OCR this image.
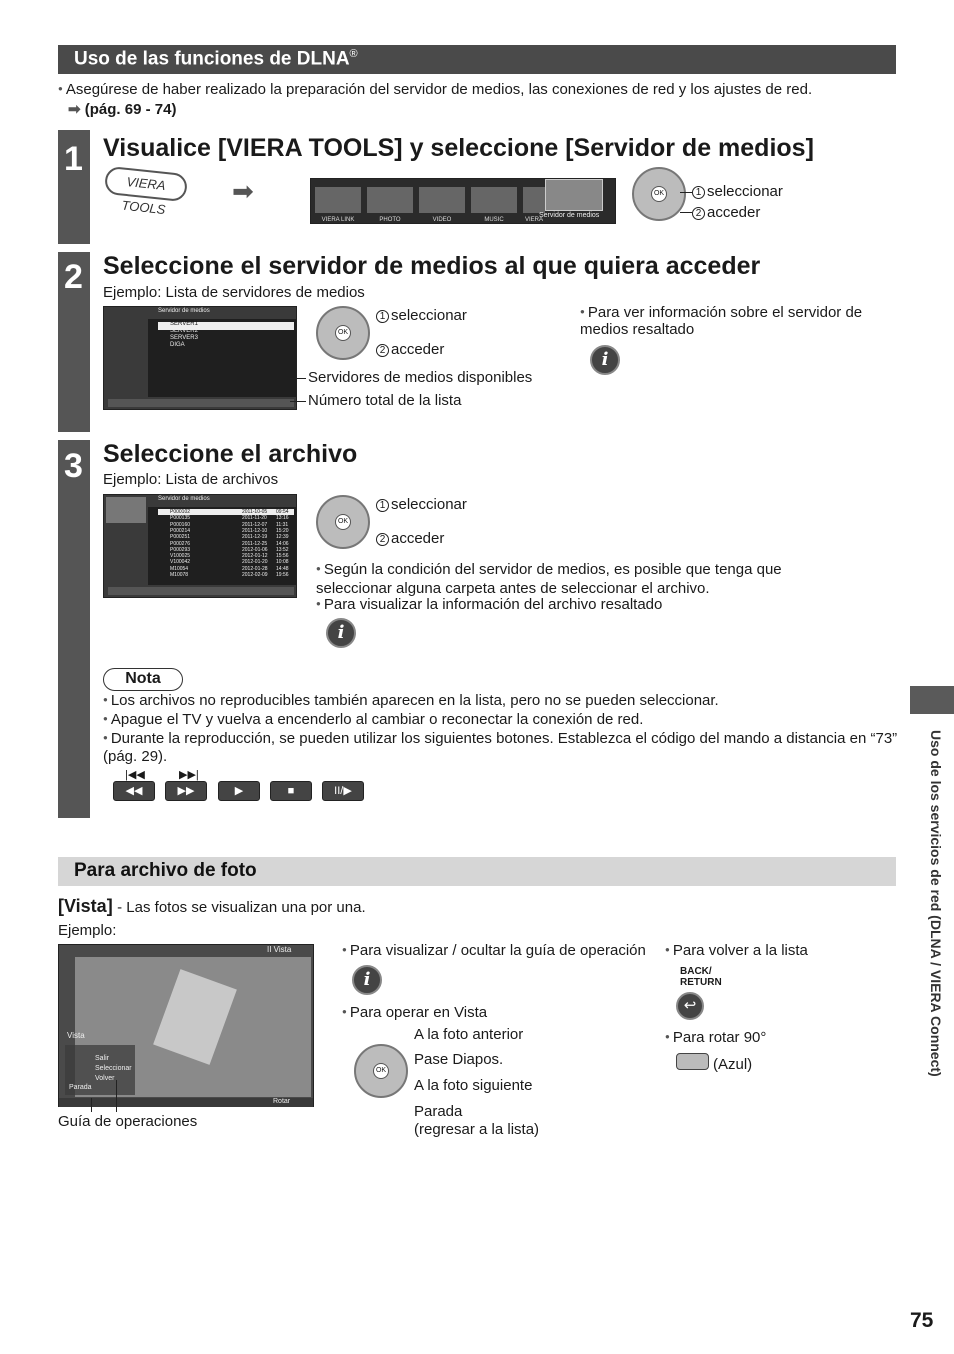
Uso de las funciones de DLNA®
● Asegúrese de haber realizado la preparación del servidor de medios, las conexiones de red y los ajustes de red.
➡ (pág. 69 - 74)
1 Visualice [VIERA TOOLS] y seleccione [Servidor de medios]
VIERA TOOLS
➡
VIERA LINK	PHOTO	VIDEO	MUSIC	VIERA
Servidor de medios
OK	1 seleccionar
2 acceder
2 Seleccione el servidor de medios al que quiera acceder
Ejemplo: Lista de servidores de medios
Servidor de medios
SERVER1
SERVER2
SERVER3
DIGA
OK
1 seleccionar
2 acceder
Servidores de medios disponibles
Número total de la lista
● Para ver información sobre el servidor de medios resaltado
i
3 Seleccione el archivo
Ejemplo: Lista de archivos
Servidor de medios
P000102	2011-10-05 09:54
P000135	2011-11-20 13:16
P000160	2011-12-07 11:31
P000214	2011-12-10 15:20
P000251	2011-12-19 12:39
P000276	2011-12-25 14:06
P000293	2012-01-06 13:52
V100025	2012-01-12 15:56
V100042	2012-01-20 10:08
M10054	2012-01-28 14:48
M10078	2012-02-09 19:56
OK
1 seleccionar
2 acceder
● Según la condición del servidor de medios, es posible que tenga que seleccionar alguna carpeta antes de seleccionar el archivo.
● Para visualizar la información del archivo resaltado
i
Nota
● Los archivos no reproducibles también aparecen en la lista, pero no se pueden seleccionar.
● Apague el TV y vuelva a encenderlo al cambiar o reconectar la conexión de red.
● Durante la reproducción, se pueden utilizar los siguientes botones. Establezca el código del mando a distancia en “73” (pág. 29).
|◀◀	▶▶|
◀◀	▶▶	▶	■	II/▶
Para archivo de foto
[Vista] - Las fotos se visualizan una por una.
Ejemplo:
II Vista
Vista
Salir
Seleccionar
Volver
Parada
Rotar
Guía de operaciones
● Para visualizar / ocultar la guía de operación
i
● Para operar en Vista
OK
A la foto anterior
Pase Diapos.
A la foto siguiente
Parada
(regresar a la lista)
● Para volver a la lista
BACK/ RETURN
↩
● Para rotar 90°
(Azul)	Uso de los servicios de red (DLNA / VIERA Connect)
75
